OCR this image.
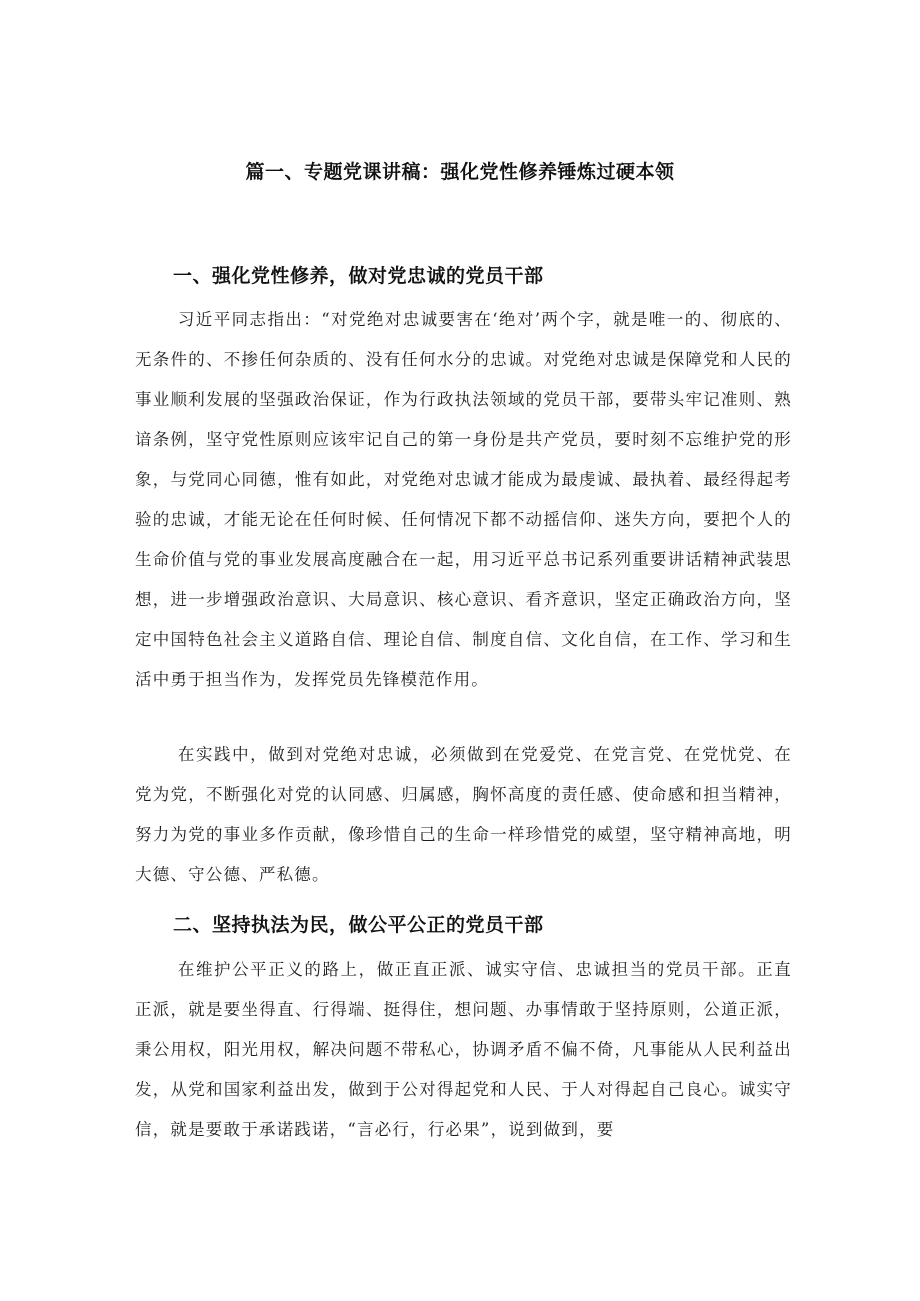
篇一、专题党课讲稿：强化党性修养锤炼过硬本领
一、强化党性修养，做对党忠诚的党员干部

习近平同志指出：“对党绝对忠诚要害在‘绝对’两个字，就是唯一的、彻底的、无条件的、不掺任何杂质的、没有任何水分的忠诚。对党绝对忠诚是保障党和人民的事业顺利发展的坚强政治保证，作为行政执法领域的党员干部，要带头牢记准则、熟谙条例，坚守党性原则应该牢记自己的第一身份是共产党员，要时刻不忘维护党的形象，与党同心同德，惟有如此，对党绝对忠诚才能成为最虔诚、最执着、最经得起考验的忠诚，才能无论在任何时候、任何情况下都不动摇信仰、迷失方向，要把个人的生命价值与党的事业发展高度融合在一起，用习近平总书记系列重要讲话精神武装思想，进一步增强政治意识、大局意识、核心意识、看齐意识，坚定正确政治方向，坚定中国特色社会主义道路自信、理论自信、制度自信、文化自信，在工作、学习和生活中勇于担当作为，发挥党员先锋模范作用。

在实践中，做到对党绝对忠诚，必须做到在党爱党、在党言党、在党忧党、在党为党，不断强化对党的认同感、归属感，胸怀高度的责任感、使命感和担当精神，努力为党的事业多作贡献，像珍惜自己的生命一样珍惜党的威望，坚守精神高地，明大德、守公德、严私德。

二、坚持执法为民，做公平公正的党员干部

在维护公平正义的路上，做正直正派、诚实守信、忠诚担当的党员干部。正直正派，就是要坐得直、行得端、挺得住，想问题、办事情敢于坚持原则，公道正派，秉公用权，阳光用权，解决问题不带私心，协调矛盾不偏不倚，凡事能从人民利益出发，从党和国家利益出发，做到于公对得起党和人民、于人对得起自己良心。诚实守信，就是要敢于承诺践诺，“言必行，行必果”，说到做到，要
